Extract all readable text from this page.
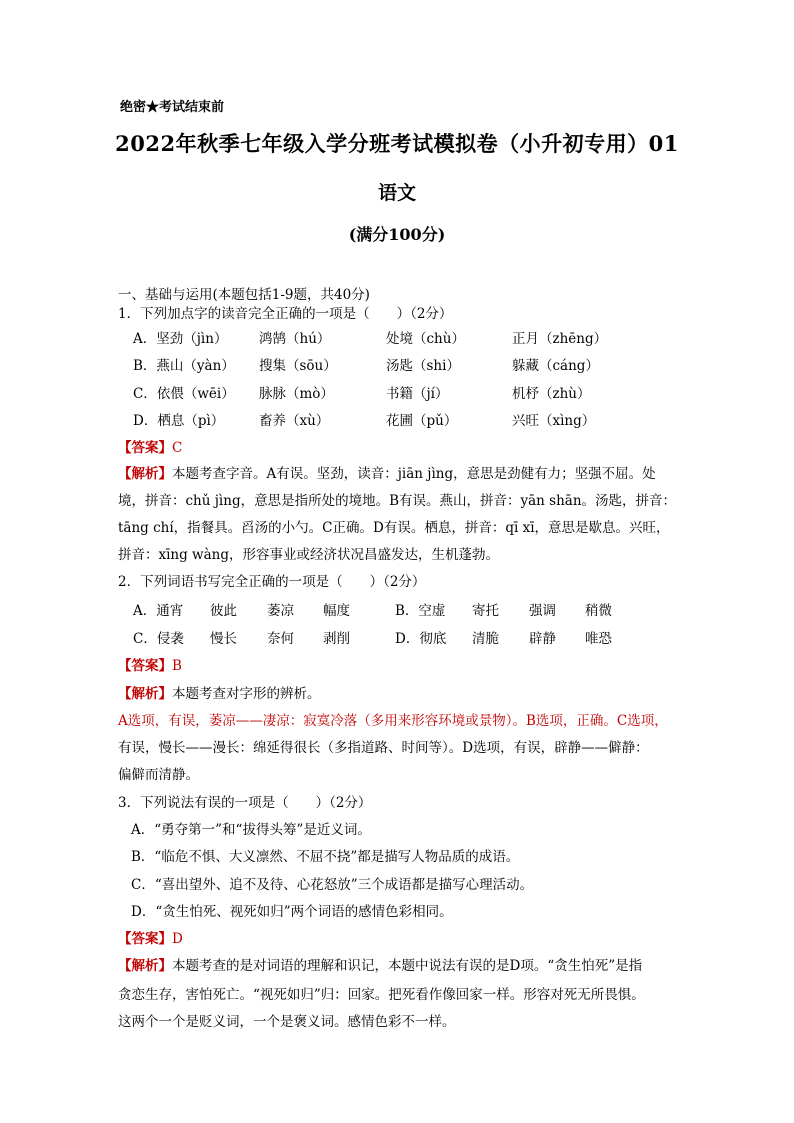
绝密★考试结束前
2022年秋季七年级入学分班考试模拟卷（小升初专用）01
语文
(满分100分)
一、基础与运用(本题包括1-9题，共40分)
1．下列加点字的读音完全正确的一项是（　　）（2分）
A．坚劲（jìn） 鸿鹄（hú）	处境（chù）	正月（zhēng）
B．燕山（yàn） 搜集（sōu）	汤匙（shi）	躲藏（cáng）
C．依偎（wēi） 脉脉（mò）	书籍（jí）	机杼（zhù）
D．栖息（pì）	畜养（xù）	花圃（pǔ）	兴旺（xìng）
【答案】C
【解析】本题考查字音。A有误。坚劲，读音：jiān jìng，意思是劲健有力；坚强不屈。处
境，拼音：chǔ jìng，意思是指所处的境地。B有误。燕山，拼音：yān shān。汤匙，拼音：
tāng chí，指餐具。舀汤的小勺。C正确。D有误。栖息，拼音：qī xī，意思是歇息。兴旺，
拼音：xīng wàng，形容事业或经济状况昌盛发达，生机蓬勃。
2．下列词语书写完全正确的一项是（　　）（2分）
A．通宵 彼此 萎凉 幅度	B．空虚 寄托 强调 稍微
C．侵袭 慢长 奈何 剥削	D．彻底 清脆 辟静 唯恐
【答案】B
【解析】本题考查对字形的辨析。
A选项，有误，萎凉——凄凉：寂寞冷落（多用来形容环境或景物）。B选项，正确。C选项，
有误，慢长——漫长：绵延得很长（多指道路、时间等）。D选项，有误，辟静——僻静：
偏僻而清静。
3．下列说法有误的一项是（　　）（2分）
A．“勇夺第一”和“拔得头筹”是近义词。
B．“临危不惧、大义凛然、不屈不挠”都是描写人物品质的成语。
C．“喜出望外、追不及待、心花怒放”三个成语都是描写心理活动。
D．“贪生怕死、视死如归”两个词语的感情色彩相同。
【答案】D
【解析】本题考查的是对词语的理解和识记，本题中说法有误的是D项。“贪生怕死”是指
贪恋生存，害怕死亡。“视死如归”归：回家。把死看作像回家一样。形容对死无所畏惧。
这两个一个是贬义词，一个是褒义词。感情色彩不一样。
